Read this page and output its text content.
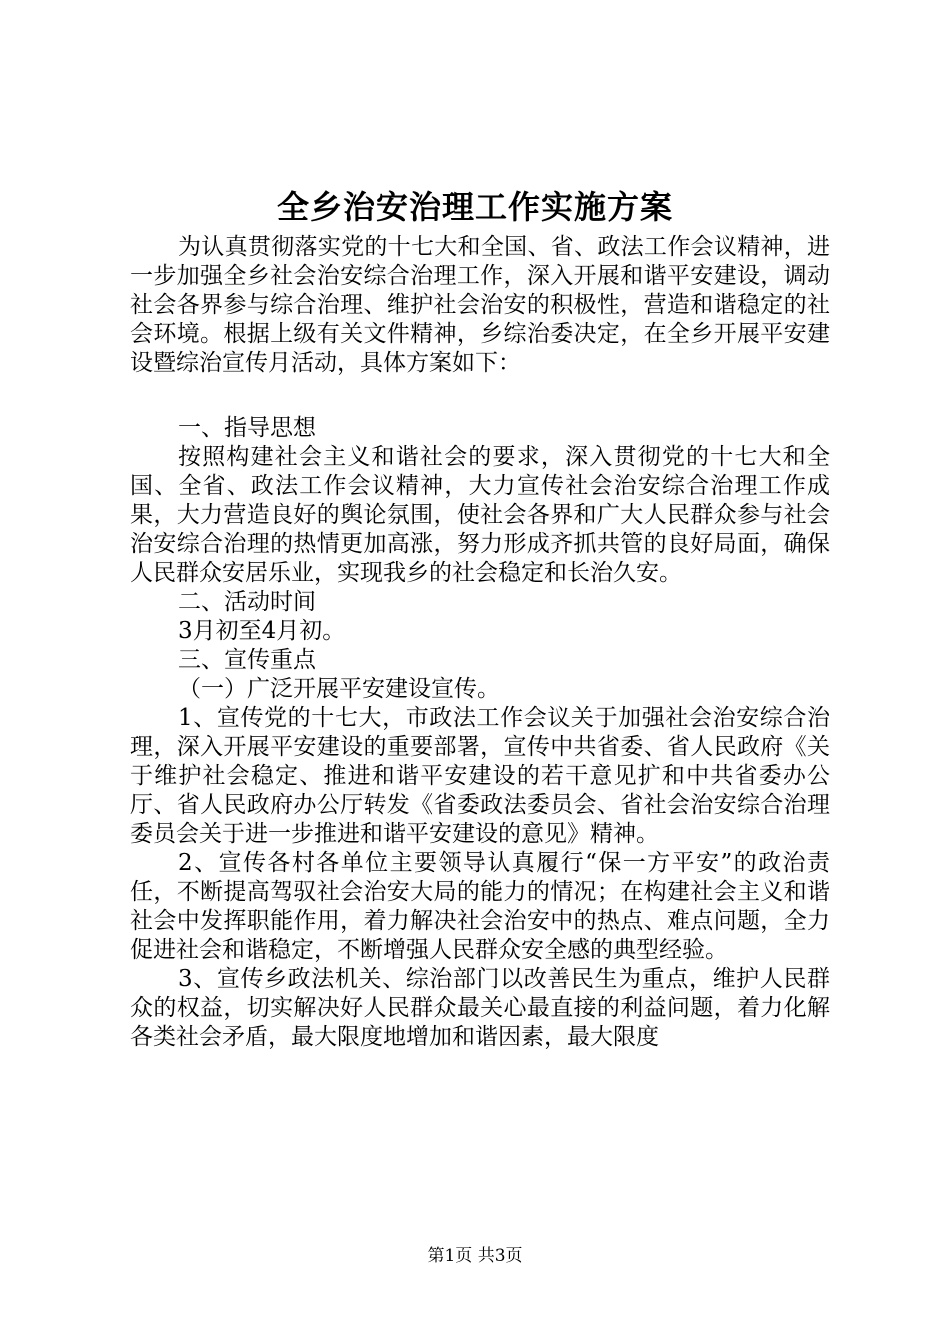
全乡治安治理工作实施方案

为认真贯彻落实党的十七大和全国、省、政法工作会议精神，进一步加强全乡社会治安综合治理工作，深入开展和谐平安建设，调动社会各界参与综合治理、维护社会治安的积极性，营造和谐稳定的社会环境。根据上级有关文件精神，乡综治委决定，在全乡开展平安建设暨综治宣传月活动，具体方案如下：

一、指导思想

按照构建社会主义和谐社会的要求，深入贯彻党的十七大和全国、全省、政法工作会议精神，大力宣传社会治安综合治理工作成果，大力营造良好的舆论氛围，使社会各界和广大人民群众参与社会治安综合治理的热情更加高涨，努力形成齐抓共管的良好局面，确保人民群众安居乐业，实现我乡的社会稳定和长治久安。

二、活动时间

3月初至4月初。

三、宣传重点

（一）广泛开展平安建设宣传。

1、宣传党的十七大，市政法工作会议关于加强社会治安综合治理，深入开展平安建设的重要部署，宣传中共省委、省人民政府《关于维护社会稳定、推进和谐平安建设的若干意见扩和中共省委办公厅、省人民政府办公厅转发《省委政法委员会、省社会治安综合治理委员会关于进一步推进和谐平安建设的意见》精神。

2、宣传各村各单位主要领导认真履行“保一方平安”的政治责任，不断提高驾驭社会治安大局的能力的情况；在构建社会主义和谐社会中发挥职能作用，着力解决社会治安中的热点、难点问题，全力促进社会和谐稳定，不断增强人民群众安全感的典型经验。

3、宣传乡政法机关、综治部门以改善民生为重点，维护人民群众的权益，切实解决好人民群众最关心最直接的利益问题，着力化解各类社会矛盾，最大限度地增加和谐因素，最大限度

第1页 共3页
